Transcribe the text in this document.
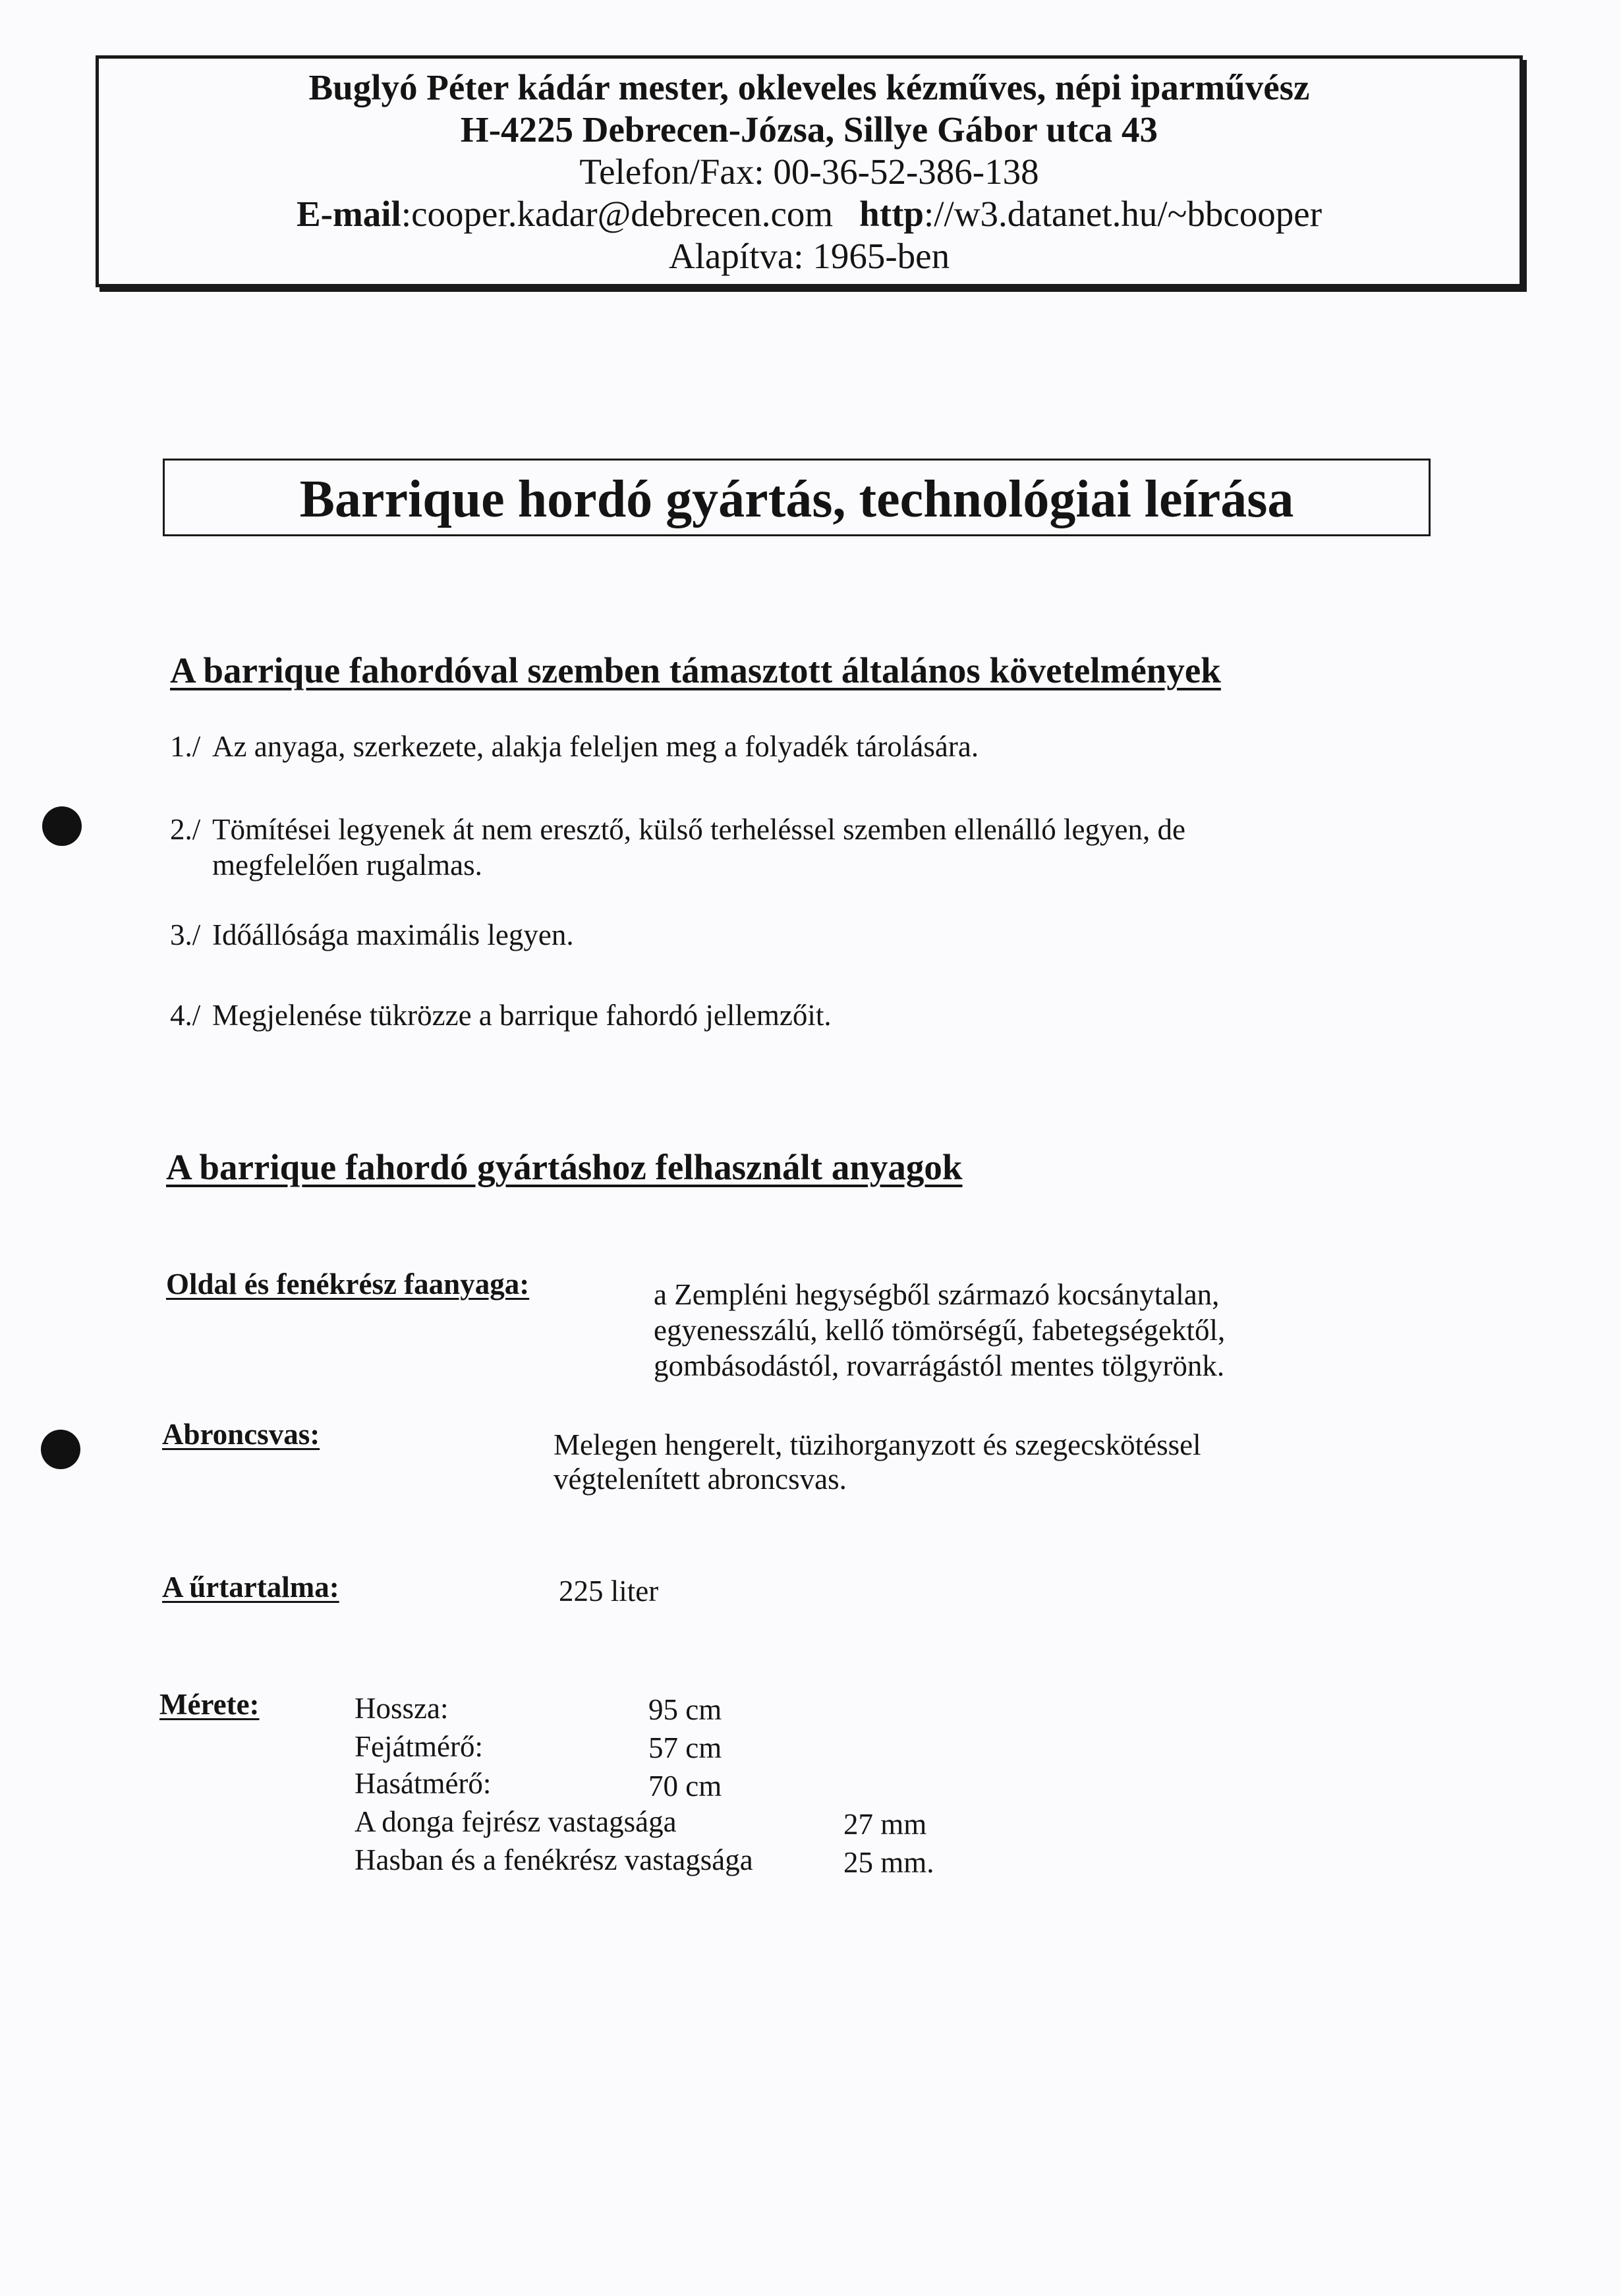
Buglyó Péter kádár mester, okleveles kézműves, népi iparművész
H-4225 Debrecen-Józsa, Sillye Gábor utca 43
Telefon/Fax: 00-36-52-386-138
E-mail:cooper.kadar@debrecen.com http://w3.datanet.hu/~bbcooper
Alapítva: 1965-ben
Barrique hordó gyártás, technológiai leírása
A barrique fahordóval szemben támasztott általános követelmények
1./ Az anyaga, szerkezete, alakja feleljen meg a folyadék tárolására.
2./ Tömítései legyenek át nem eresztő, külső terheléssel szemben ellenálló legyen, de
megfelelően rugalmas.
3./ Időállósága maximális legyen.
4./ Megjelenése tükrözze a barrique fahordó jellemzőit.
A barrique fahordó gyártáshoz felhasznált anyagok
Oldal és fenékrész faanyaga:	a Zempléni hegységből származó kocsánytalan,
egyenesszálú, kellő tömörségű, fabetegségektől,
gombásodástól, rovarrágástól mentes tölgyrönk.
Abroncsvas:	Melegen hengerelt, tüzihorganyzott és szegecskötéssel
végtelenített abroncsvas.
A űrtartalma:	225 liter
Mérete:	Hossza:	95 cm
Fejátmérő:	57 cm
Hasátmérő:	70 cm
A donga fejrész vastagsága	27 mm
Hasban és a fenékrész vastagsága	25 mm.
